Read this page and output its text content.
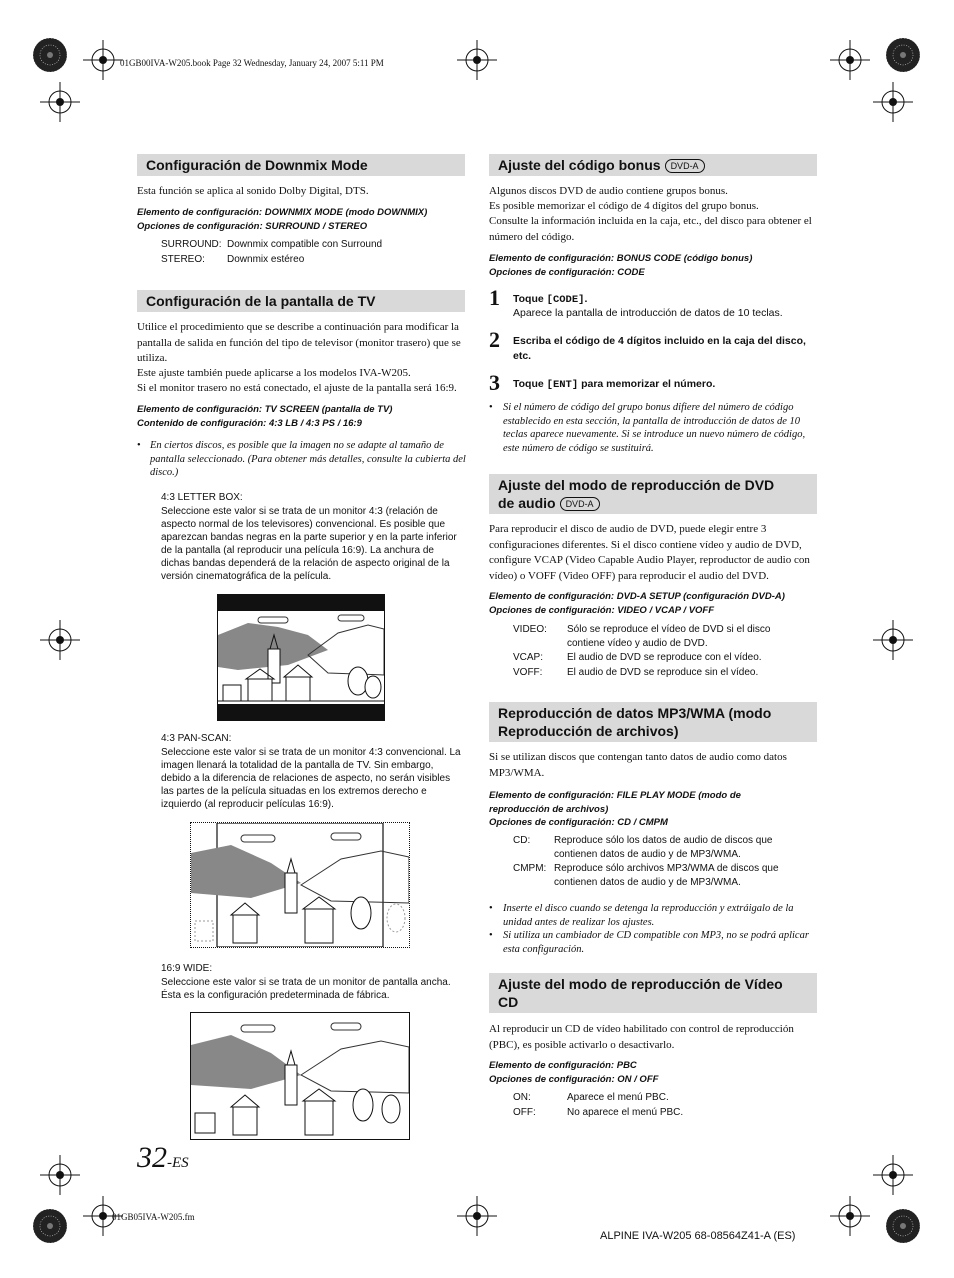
01GB00IVA-W205.book Page 32 Wednesday, January 24, 2007 5:11 PM
Configuración de Downmix Mode
Esta función se aplica al sonido Dolby Digital, DTS.
Elemento de configuración: DOWNMIX MODE (modo DOWNMIX)
Opciones de configuración: SURROUND / STEREO
SURROUND: Downmix compatible con Surround
STEREO: Downmix estéreo
Configuración de la pantalla de TV
Utilice el procedimiento que se describe a continuación para modificar la pantalla de salida en función del tipo de televisor (monitor trasero) que se utiliza.
Este ajuste también puede aplicarse a los modelos IVA-W205.
Si el monitor trasero no está conectado, el ajuste de la pantalla será 16:9.
Elemento de configuración: TV SCREEN (pantalla de TV)
Contenido de configuración: 4:3 LB / 4:3 PS / 16:9
• En ciertos discos, es posible que la imagen no se adapte al tamaño de pantalla seleccionado. (Para obtener más detalles, consulte la cubierta del disco.)
4:3 LETTER BOX:
Seleccione este valor si se trata de un monitor 4:3 (relación de aspecto normal de los televisores) convencional. Es posible que aparezcan bandas negras en la parte superior y en la parte inferior de la pantalla (al reproducir una película 16:9). La anchura de dichas bandas dependerá de la relación de aspecto original de la versión cinematográfica de la película.
4:3 PAN-SCAN:
Seleccione este valor si se trata de un monitor 4:3 convencional. La imagen llenará la totalidad de la pantalla de TV. Sin embargo, debido a la diferencia de relaciones de aspecto, no serán visibles las partes de la película situadas en los extremos derecho e izquierdo (al reproducir películas 16:9).
16:9 WIDE:
Seleccione este valor si se trata de un monitor de pantalla ancha. Ésta es la configuración predeterminada de fábrica.
32-ES
Ajuste del código bonus DVD-A
Algunos discos DVD de audio contiene grupos bonus.
Es posible memorizar el código de 4 dígitos del grupo bonus.
Consulte la información incluida en la caja, etc., del disco para obtener el número del código.
Elemento de configuración: BONUS CODE (código bonus)
Opciones de configuración: CODE
1 Toque [CODE].
Aparece la pantalla de introducción de datos de 10 teclas.
2 Escriba el código de 4 dígitos incluido en la caja del disco, etc.
3 Toque [ENT] para memorizar el número.
• Si el número de código del grupo bonus difiere del número de código establecido en esta sección, la pantalla de introducción de datos de 10 teclas aparece nuevamente. Si se introduce un nuevo número de código, este número de código se sustituirá.
Ajuste del modo de reproducción de DVD
de audio DVD-A
Para reproducir el disco de audio de DVD, puede elegir entre 3 configuraciones diferentes. Si el disco contiene vídeo y audio de DVD, configure VCAP (Video Capable Audio Player, reproductor de audio con vídeo) o VOFF (Video OFF) para reproducir el audio del DVD.
Elemento de configuración: DVD-A SETUP (configuración DVD-A)
Opciones de configuración: VIDEO / VCAP / VOFF
VIDEO: Sólo se reproduce el vídeo de DVD si el disco contiene vídeo y audio de DVD.
VCAP: El audio de DVD se reproduce con el vídeo.
VOFF: El audio de DVD se reproduce sin el vídeo.
Reproducción de datos MP3/WMA (modo
Reproducción de archivos)
Si se utilizan discos que contengan tanto datos de audio como datos MP3/WMA.
Elemento de configuración: FILE PLAY MODE (modo de reproducción de archivos)
Opciones de configuración: CD / CMPM
CD: Reproduce sólo los datos de audio de discos que contienen datos de audio y de MP3/WMA.
CMPM: Reproduce sólo archivos MP3/WMA de discos que contienen datos de audio y de MP3/WMA.
• Inserte el disco cuando se detenga la reproducción y extráigalo de la unidad antes de realizar los ajustes.
• Si utiliza un cambiador de CD compatible con MP3, no se podrá aplicar esta configuración.
Ajuste del modo de reproducción de Vídeo
CD
Al reproducir un CD de vídeo habilitado con control de reproducción (PBC), es posible activarlo o desactivarlo.
Elemento de configuración: PBC
Opciones de configuración: ON / OFF
ON:	Aparece el menú PBC.
OFF:	No aparece el menú PBC.
01GB05IVA-W205.fm
ALPINE IVA-W205 68-08564Z41-A (ES)
